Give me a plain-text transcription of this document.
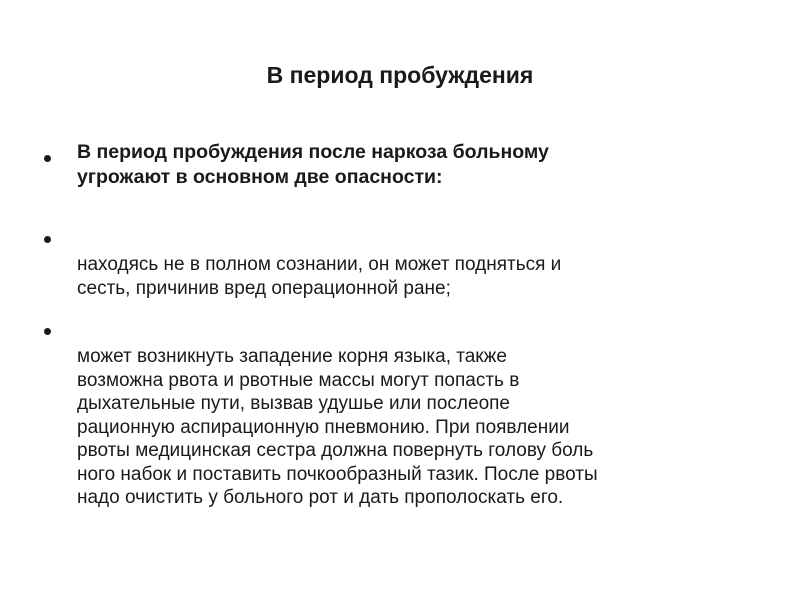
В период пробуждения
В период пробуждения после наркоза больному
угрожают в основном две опасности:
находясь не в полном сознании, он может подняться и
сесть, причинив вред операционной ране;
может возникнуть западение корня языка, также
возможна рвота и рвотные массы могут попасть в
дыхательные пути, вызвав удушье или послеопе
рационную аспирационную пневмонию. При появлении
рвоты медицинская сестра должна повернуть голову боль
ного набок и поставить почкообразный тазик. После рвоты
надо очистить у больного рот и дать прополоскать его.
